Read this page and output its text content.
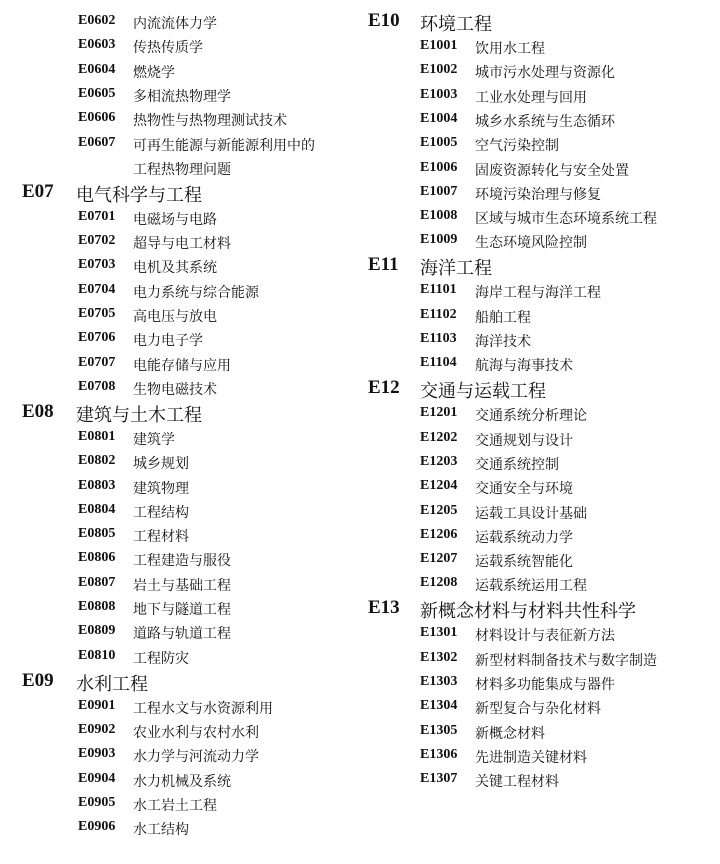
E0602 内流流体力学
E0603 传热传质学
E0604 燃烧学
E0605 多相流热物理学
E0606 热物性与热物理测试技术
E0607 可再生能源与新能源利用中的
工程热物理问题
E07 电气科学与工程
E0701 电磁场与电路
E0702 超导与电工材料
E0703 电机及其系统
E0704 电力系统与综合能源
E0705 高电压与放电
E0706 电力电子学
E0707 电能存储与应用
E0708 生物电磁技术
E08 建筑与土木工程
E0801 建筑学
E0802 城乡规划
E0803 建筑物理
E0804 工程结构
E0805 工程材料
E0806 工程建造与服役
E0807 岩土与基础工程
E0808 地下与隧道工程
E0809 道路与轨道工程
E0810 工程防灾
E09 水利工程
E0901 工程水文与水资源利用
E0902 农业水利与农村水利
E0903 水力学与河流动力学
E0904 水力机械及系统
E0905 水工岩土工程
E0906 水工结构
E10 环境工程
E1001 饮用水工程
E1002 城市污水处理与资源化
E1003 工业水处理与回用
E1004 城乡水系统与生态循环
E1005 空气污染控制
E1006 固废资源转化与安全处置
E1007 环境污染治理与修复
E1008 区域与城市生态环境系统工程
E1009 生态环境风险控制
E11 海洋工程
E1101 海岸工程与海洋工程
E1102 船舶工程
E1103 海洋技术
E1104 航海与海事技术
E12 交通与运载工程
E1201 交通系统分析理论
E1202 交通规划与设计
E1203 交通系统控制
E1204 交通安全与环境
E1205 运载工具设计基础
E1206 运载系统动力学
E1207 运载系统智能化
E1208 运载系统运用工程
E13 新概念材料与材料共性科学
E1301 材料设计与表征新方法
E1302 新型材料制备技术与数字制造
E1303 材料多功能集成与器件
E1304 新型复合与杂化材料
E1305 新概念材料
E1306 先进制造关键材料
E1307 关键工程材料
